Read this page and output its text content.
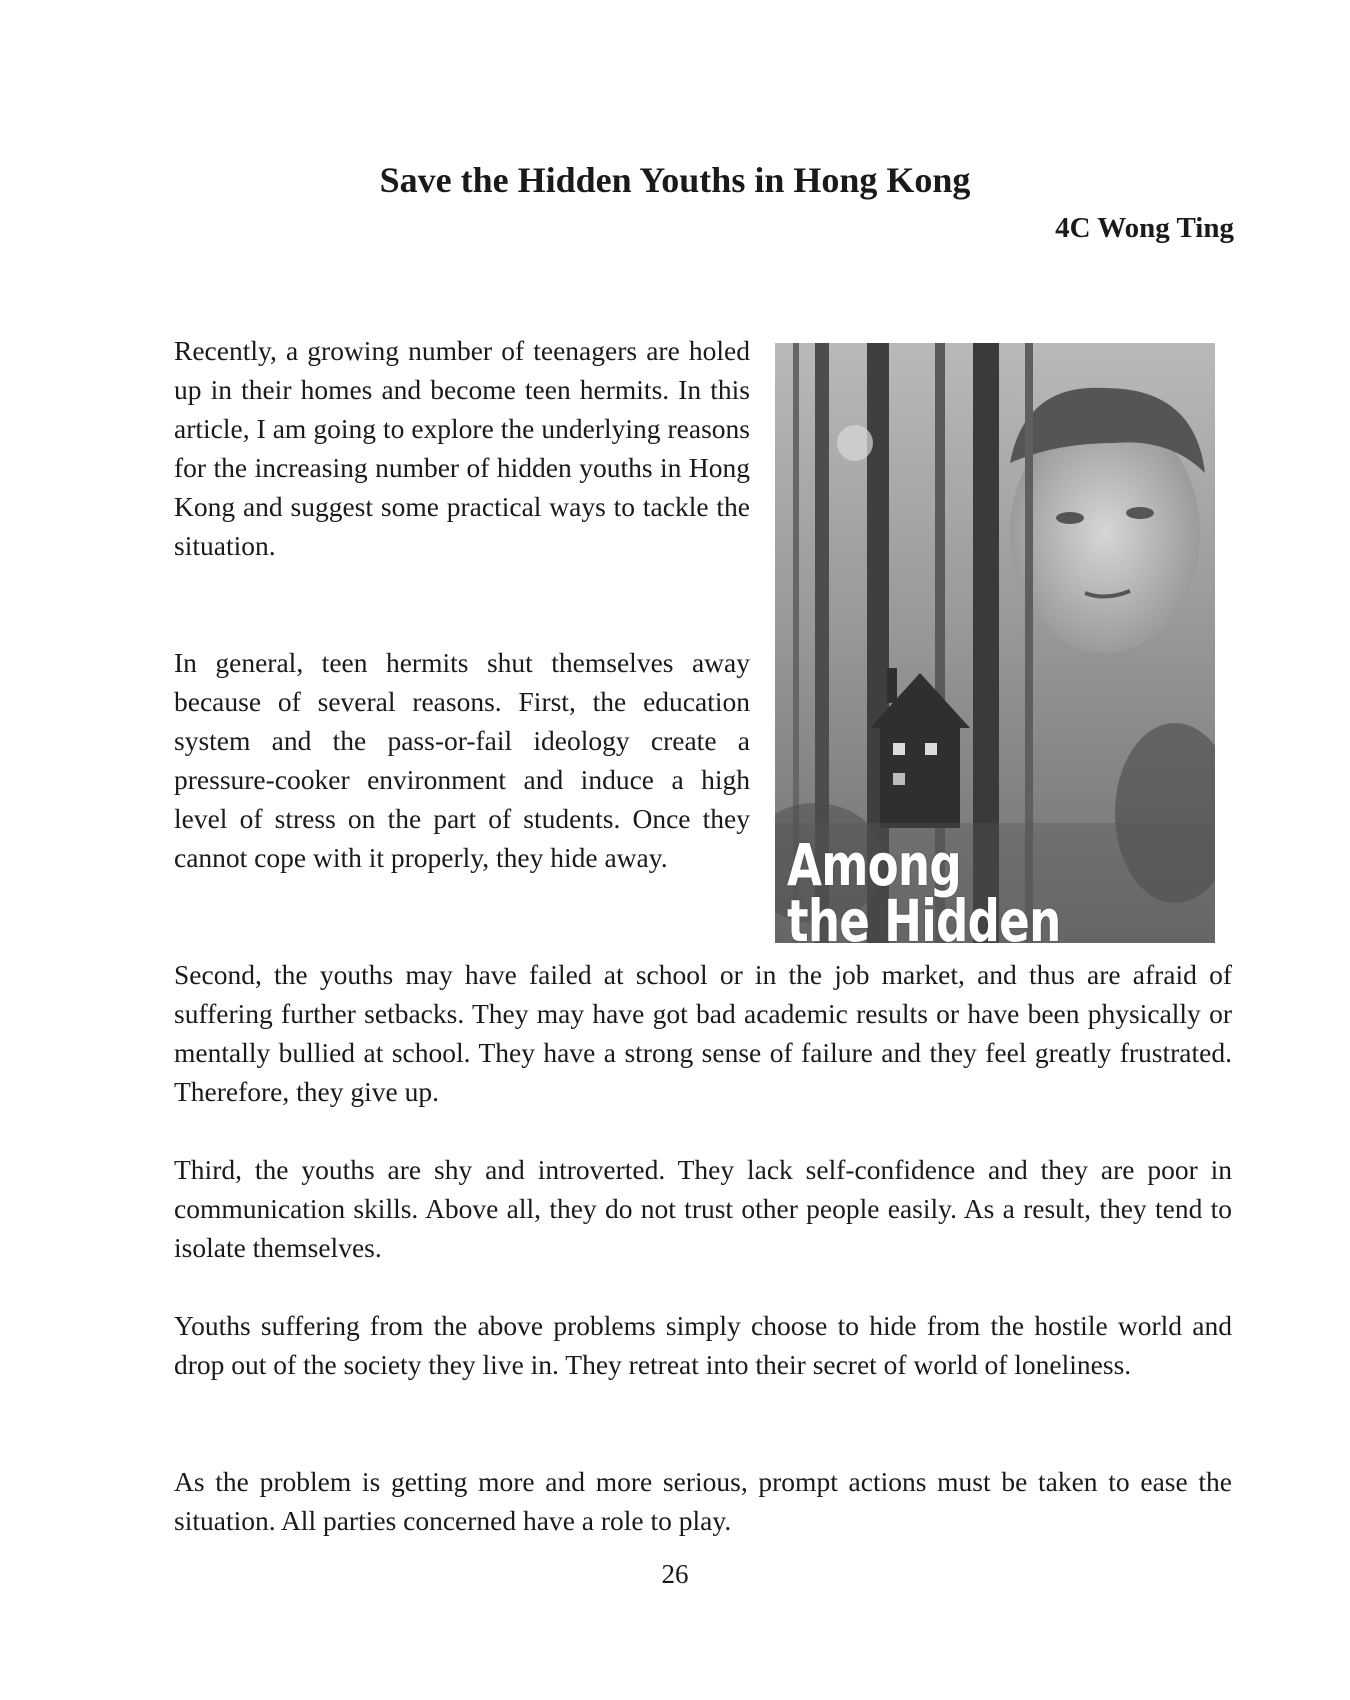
Save the Hidden Youths in Hong Kong
4C Wong Ting

Recently, a growing number of teenagers are holed up in their homes and become teen hermits. In this article, I am going to explore the underlying reasons for the increasing number of hidden youths in Hong Kong and suggest some practical ways to tackle the situation.

In general, teen hermits shut themselves away because of several reasons. First, the education system and the pass-or-fail ideology create a pressure-cooker environment and induce a high level of stress on the part of students. Once they cannot cope with it properly, they hide away.	Among
the Hidden

Second, the youths may have failed at school or in the job market, and thus are afraid of suffering further setbacks. They may have got bad academic results or have been physically or mentally bullied at school. They have a strong sense of failure and they feel greatly frustrated. Therefore, they give up.

Third, the youths are shy and introverted. They lack self-confidence and they are poor in communication skills. Above all, they do not trust other people easily. As a result, they tend to isolate themselves.

Youths suffering from the above problems simply choose to hide from the hostile world and drop out of the society they live in. They retreat into their secret of world of loneliness.

As the problem is getting more and more serious, prompt actions must be taken to ease the situation. All parties concerned have a role to play.

26
